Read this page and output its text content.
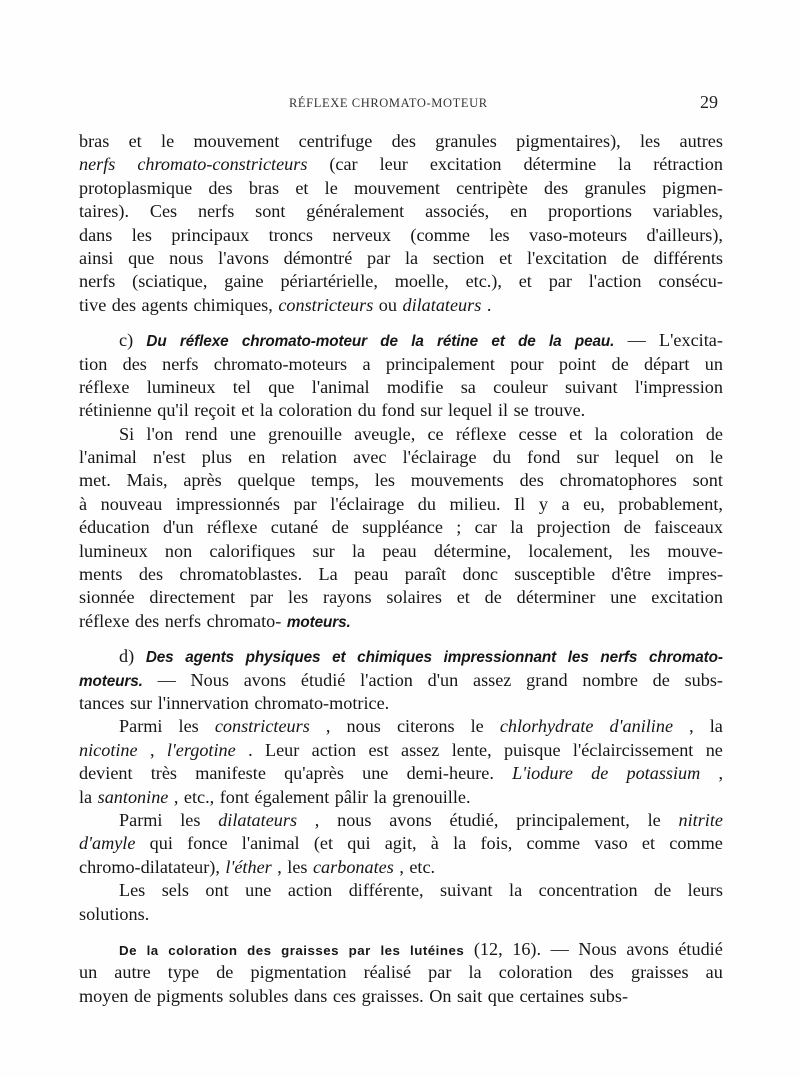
RÉFLEXE CHROMATO-MOTEUR	29
bras et le mouvement centrifuge des granules pigmentaires), les autres
nerfs chromato-constricteurs (car leur excitation détermine la rétraction
protoplasmique des bras et le mouvement centripète des granules pigmen-
taires). Ces nerfs sont généralement associés, en proportions variables,
dans les principaux troncs nerveux (comme les vaso-moteurs d'ailleurs),
ainsi que nous l'avons démontré par la section et l'excitation de différents
nerfs (sciatique, gaine périartérielle, moelle, etc.), et par l'action consécu-
tive des agents chimiques, constricteurs ou dilatateurs .
c) Du réflexe chromato-moteur de la rétine et de la peau. — L'excita-
tion des nerfs chromato-moteurs a principalement pour point de départ un
réflexe lumineux tel que l'animal modifie sa couleur suivant l'impression
rétinienne qu'il reçoit et la coloration du fond sur lequel il se trouve.
Si l'on rend une grenouille aveugle, ce réflexe cesse et la coloration de
l'animal n'est plus en relation avec l'éclairage du fond sur lequel on le
met. Mais, après quelque temps, les mouvements des chromatophores sont
à nouveau impressionnés par l'éclairage du milieu. Il y a eu, probablement,
éducation d'un réflexe cutané de suppléance ; car la projection de faisceaux
lumineux non calorifiques sur la peau détermine, localement, les mouve-
ments des chromatoblastes. La peau paraît donc susceptible d'être impres-
sionnée directement par les rayons solaires et de déterminer une excitation
réflexe des nerfs chromato- moteurs.
d) Des agents physiques et chimiques impressionnant les nerfs chromato-
moteurs. — Nous avons étudié l'action d'un assez grand nombre de subs-
tances sur l'innervation chromato-motrice.
Parmi les constricteurs , nous citerons le chlorhydrate d'aniline , la
nicotine , l'ergotine . Leur action est assez lente, puisque l'éclaircissement ne
devient très manifeste qu'après une demi-heure. L'iodure de potassium ,
la santonine , etc., font également pâlir la grenouille.
Parmi les dilatateurs , nous avons étudié, principalement, le nitrite
d'amyle qui fonce l'animal (et qui agit, à la fois, comme vaso et comme
chromo-dilatateur), l'éther , les carbonates , etc.
Les sels ont une action différente, suivant la concentration de leurs
solutions.
De la coloration des graisses par les lutéines (12, 16). — Nous avons étudié
un autre type de pigmentation réalisé par la coloration des graisses au
moyen de pigments solubles dans ces graisses. On sait que certaines subs-
